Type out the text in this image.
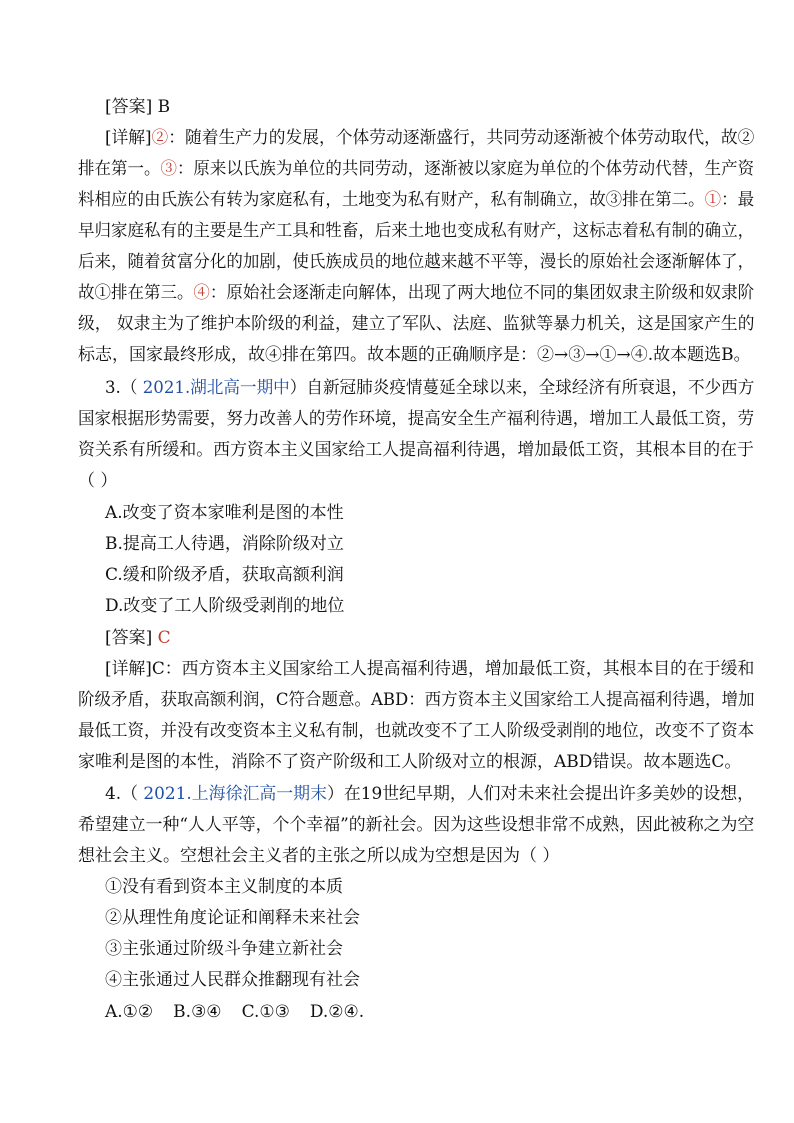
[答案] B
[详解]②：随着生产力的发展，个体劳动逐渐盛行，共同劳动逐渐被个体劳动取代，故②
排在第一。③：原来以氏族为单位的共同劳动，逐渐被以家庭为单位的个体劳动代替，生产资
料相应的由氏族公有转为家庭私有，土地变为私有财产，私有制确立，故③排在第二。①：最
早归家庭私有的主要是生产工具和牲畜，后来土地也变成私有财产，这标志着私有制的确立，
后来，随着贫富分化的加剧，使氏族成员的地位越来越不平等，漫长的原始社会逐渐解体了，
故①排在第三。④：原始社会逐渐走向解体，出现了两大地位不同的集团奴隶主阶级和奴隶阶
级， 奴隶主为了维护本阶级的利益，建立了军队、法庭、监狱等暴力机关，这是国家产生的
标志，国家最终形成，故④排在第四。故本题的正确顺序是：②→③→①→④.故本题选B。
3.（ 2021.湖北高一期中）自新冠肺炎疫情蔓延全球以来，全球经济有所衰退，不少西方
国家根据形势需要，努力改善人的劳作环境，提高安全生产福利待遇，增加工人最低工资，劳
资关系有所缓和。西方资本主义国家给工人提高福利待遇，增加最低工资，其根本目的在于
（ ）
A.改变了资本家唯利是图的本性
B.提高工人待遇，消除阶级对立
C.缓和阶级矛盾，获取高额利润
D.改变了工人阶级受剥削的地位
[答案] C
[详解]C：西方资本主义国家给工人提高福利待遇，增加最低工资，其根本目的在于缓和
阶级矛盾，获取高额利润，C符合题意。ABD：西方资本主义国家给工人提高福利待遇，增加
最低工资，并没有改变资本主义私有制，也就改变不了工人阶级受剥削的地位，改变不了资本
家唯利是图的本性，消除不了资产阶级和工人阶级对立的根源，ABD错误。故本题选C。
4.（ 2021.上海徐汇高一期末）在19世纪早期，人们对未来社会提出许多美妙的设想，
希望建立一种“人人平等，个个幸福”的新社会。因为这些设想非常不成熟，因此被称之为空
想社会主义。空想社会主义者的主张之所以成为空想是因为（ ）
①没有看到资本主义制度的本质
②从理性角度论证和阐释未来社会
③主张通过阶级斗争建立新社会
④主张通过人民群众推翻现有社会
A.①② B.③④ C.①③ D.②④.
